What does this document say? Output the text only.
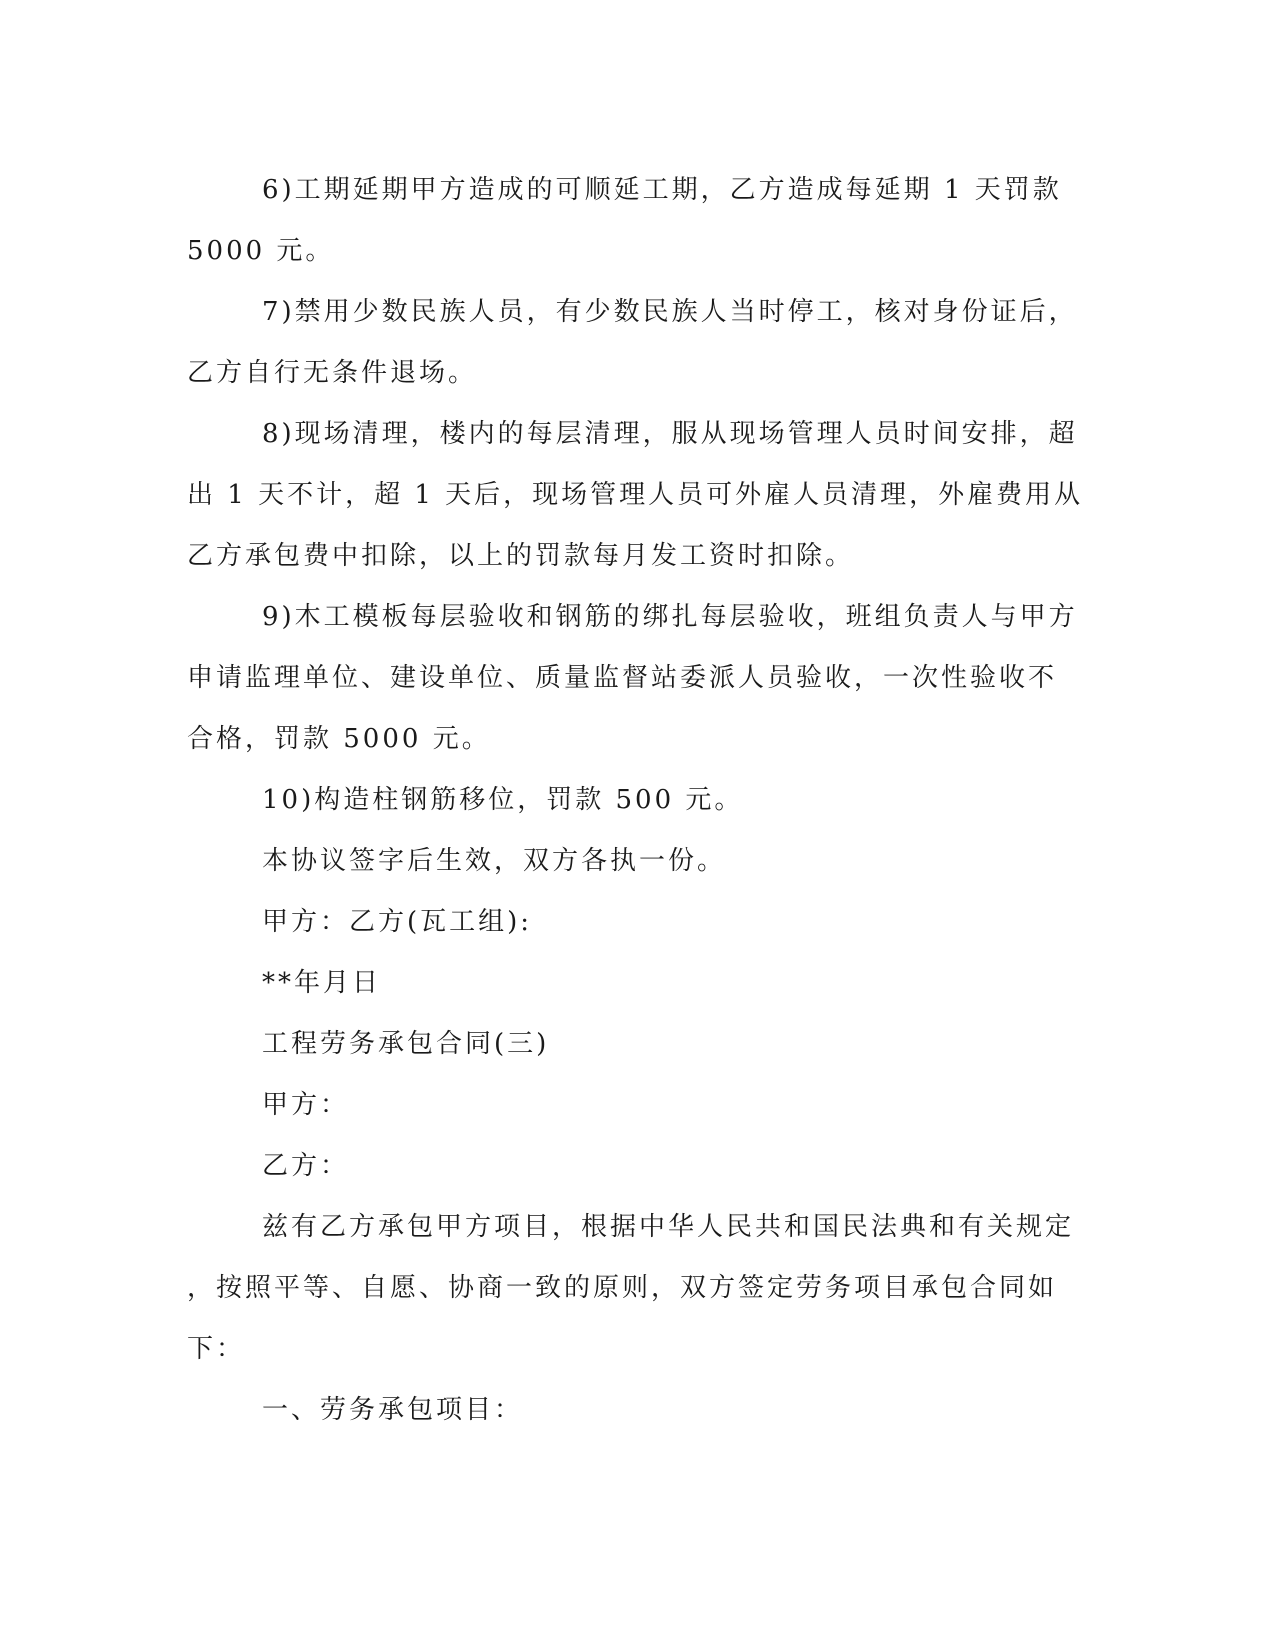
6)工期延期甲方造成的可顺延工期，乙方造成每延期 1 天罚款

5000 元。

7)禁用少数民族人员，有少数民族人当时停工，核对身份证后，

乙方自行无条件退场。

8)现场清理，楼内的每层清理，服从现场管理人员时间安排，超

出 1 天不计，超 1 天后，现场管理人员可外雇人员清理，外雇费用从

乙方承包费中扣除，以上的罚款每月发工资时扣除。

9)木工模板每层验收和钢筋的绑扎每层验收，班组负责人与甲方

申请监理单位、建设单位、质量监督站委派人员验收，一次性验收不

合格，罚款 5000 元。

10)构造柱钢筋移位，罚款 500 元。

本协议签字后生效，双方各执一份。

甲方：乙方(瓦工组):

**年月日

工程劳务承包合同(三)

甲方：

乙方：

兹有乙方承包甲方项目，根据中华人民共和国民法典和有关规定

，按照平等、自愿、协商一致的原则，双方签定劳务项目承包合同如

下：

一、劳务承包项目：
